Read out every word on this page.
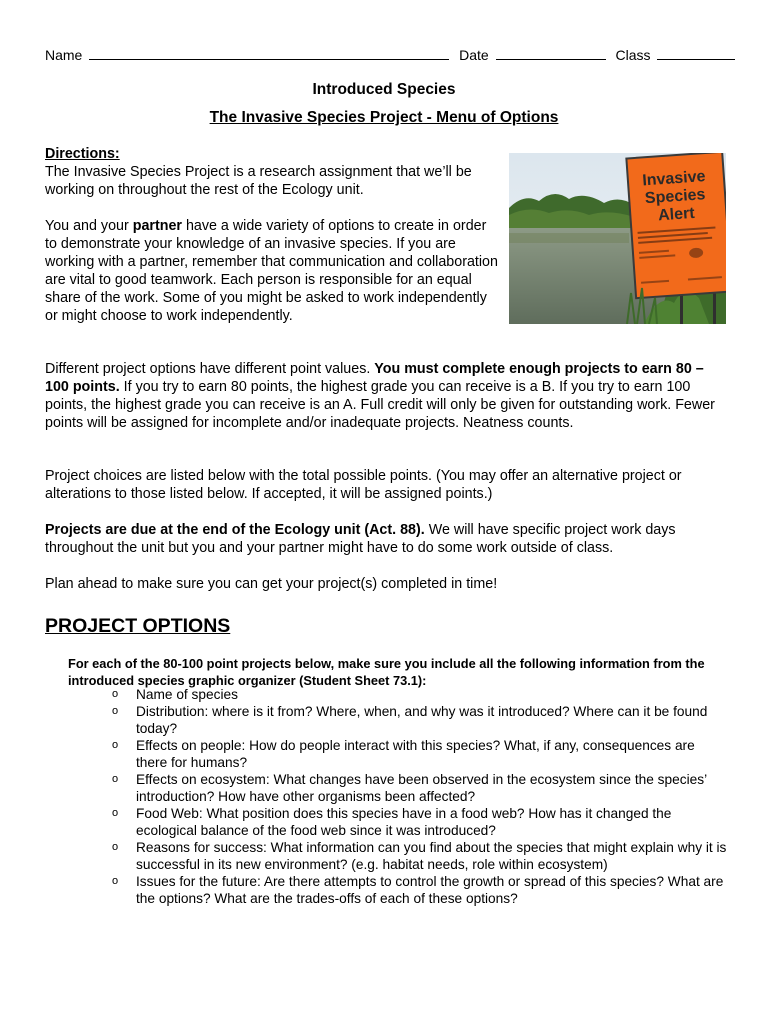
Name	Date	Class
Introduced Species
The Invasive Species Project - Menu of Options
Directions:
The Invasive Species Project is a research assignment that we’ll be working on throughout the rest of the Ecology unit.
You and your partner have a wide variety of options to create in order to demonstrate your knowledge of an invasive species. If you are working with a partner, remember that communication and collaboration are vital to good teamwork. Each person is responsible for an equal share of the work. Some of you might be asked to work independently or might choose to work independently.
Invasive
Species
Alert
Different project options have different point values. You must complete enough projects to earn 80 – 100 points. If you try to earn 80 points, the highest grade you can receive is a B. If you try to earn 100 points, the highest grade you can receive is an A. Full credit will only be given for outstanding work. Fewer points will be assigned for incomplete and/or inadequate projects. Neatness counts.
Project choices are listed below with the total possible points. (You may offer an alternative project or alterations to those listed below. If accepted, it will be assigned points.)
Projects are due at the end of the Ecology unit (Act. 88). We will have specific project work days throughout the unit but you and your partner might have to do some work outside of class.
Plan ahead to make sure you can get your project(s) completed in time!
PROJECT OPTIONS
For each of the 80-100 point projects below, make sure you include all the following information from the introduced species graphic organizer (Student Sheet 73.1):
o Name of species
o Distribution: where is it from? Where, when, and why was it introduced? Where can it be found today?
o Effects on people: How do people interact with this species? What, if any, consequences are there for humans?
o Effects on ecosystem: What changes have been observed in the ecosystem since the species’ introduction? How have other organisms been affected?
o Food Web: What position does this species have in a food web? How has it changed the ecological balance of the food web since it was introduced?
o Reasons for success: What information can you find about the species that might explain why it is successful in its new environment? (e.g. habitat needs, role within ecosystem)
o Issues for the future: Are there attempts to control the growth or spread of this species? What are the options? What are the trades-offs of each of these options?
